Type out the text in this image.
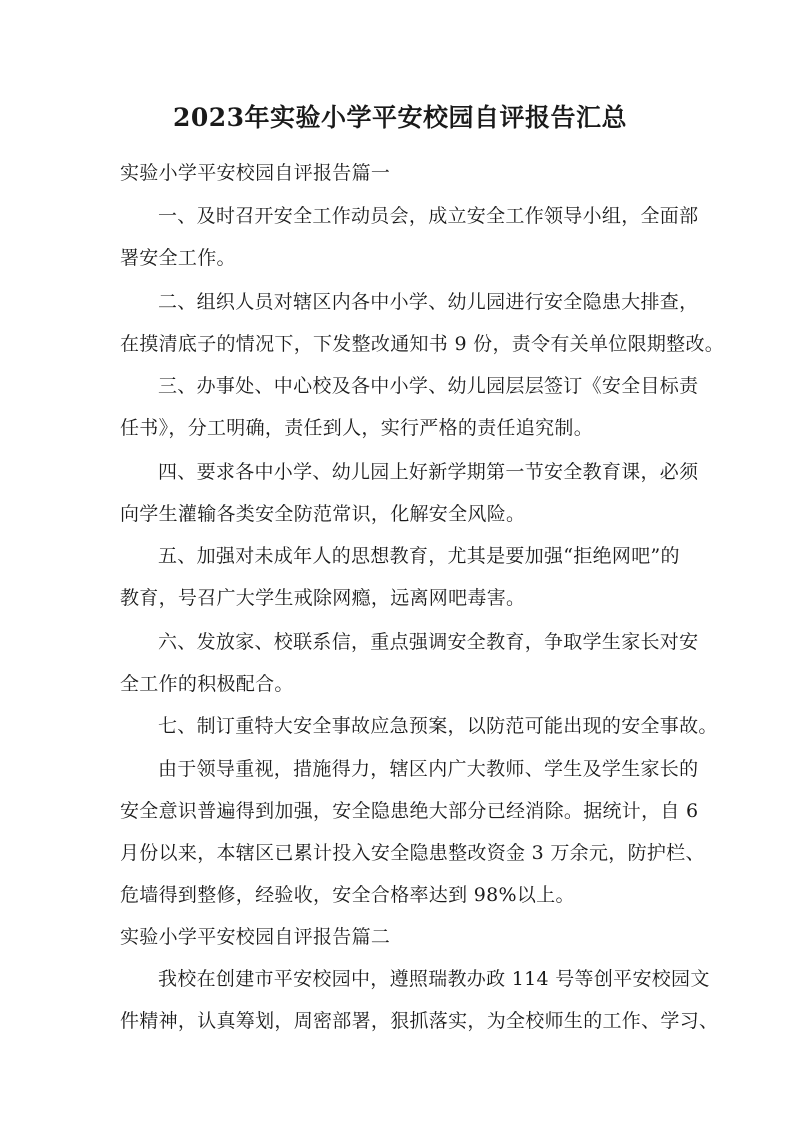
2023年实验小学平安校园自评报告汇总
实验小学平安校园自评报告篇一
一、及时召开安全工作动员会，成立安全工作领导小组，全面部
署安全工作。
二、组织人员对辖区内各中小学、幼儿园进行安全隐患大排查，
在摸清底子的情况下，下发整改通知书 9 份，责令有关单位限期整改。
三、办事处、中心校及各中小学、幼儿园层层签订《安全目标责
任书》，分工明确，责任到人，实行严格的责任追究制。
四、要求各中小学、幼儿园上好新学期第一节安全教育课，必须
向学生灌输各类安全防范常识，化解安全风险。
五、加强对未成年人的思想教育，尤其是要加强“拒绝网吧”的
教育，号召广大学生戒除网瘾，远离网吧毒害。
六、发放家、校联系信，重点强调安全教育，争取学生家长对安
全工作的积极配合。
七、制订重特大安全事故应急预案，以防范可能出现的安全事故。
由于领导重视，措施得力，辖区内广大教师、学生及学生家长的
安全意识普遍得到加强，安全隐患绝大部分已经消除。据统计，自 6
月份以来，本辖区已累计投入安全隐患整改资金 3 万余元，防护栏、
危墙得到整修，经验收，安全合格率达到 98%以上。
实验小学平安校园自评报告篇二
我校在创建市平安校园中，遵照瑞教办政 114 号等创平安校园文
件精神，认真筹划，周密部署，狠抓落实，为全校师生的工作、学习、
